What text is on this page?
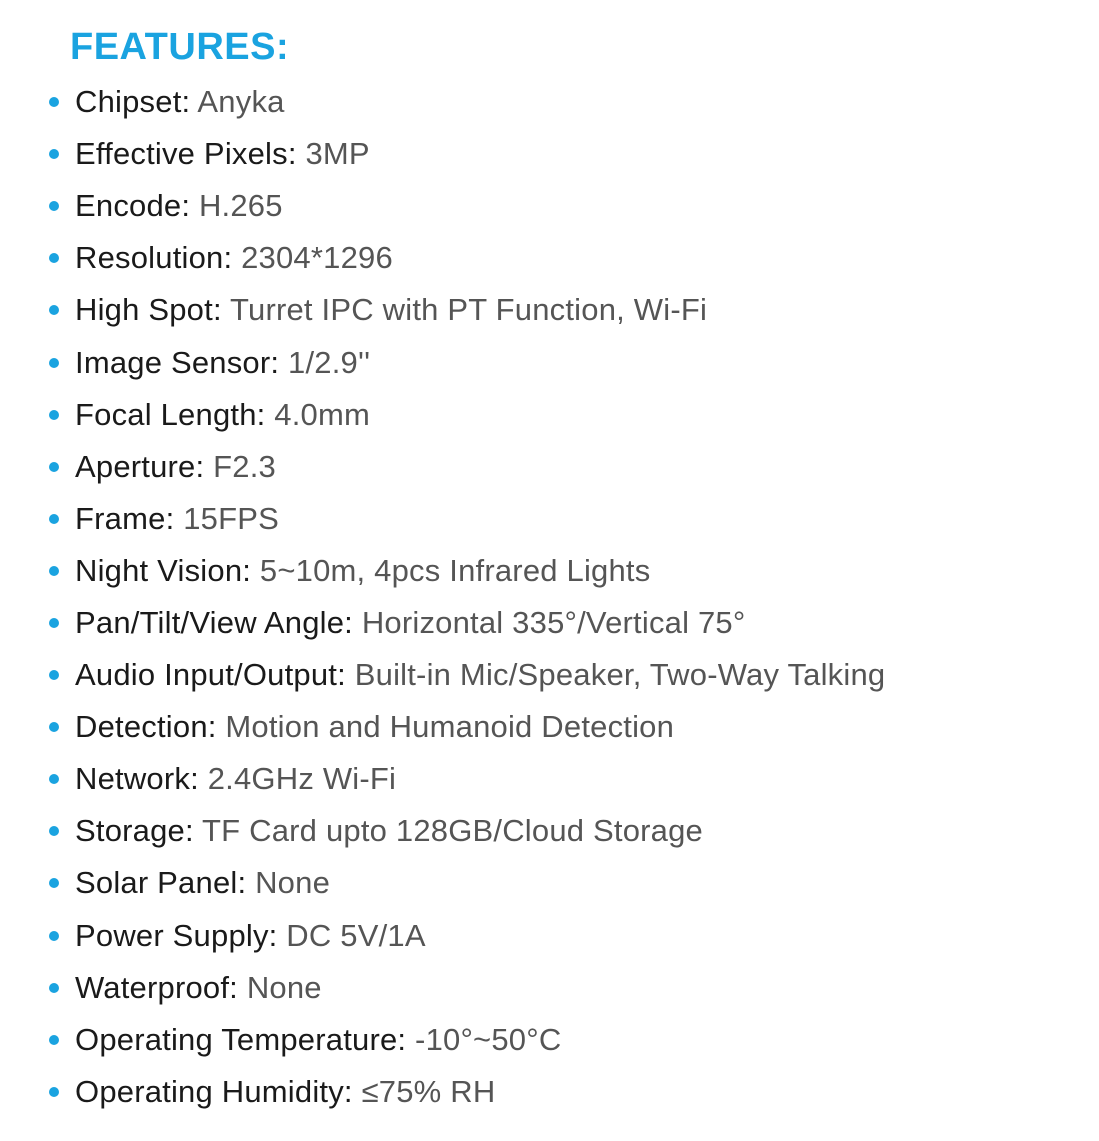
FEATURES:
Chipset: Anyka
Effective Pixels: 3MP
Encode: H.265
Resolution: 2304*1296
High Spot: Turret IPC with PT Function, Wi-Fi
Image Sensor: 1/2.9''
Focal Length: 4.0mm
Aperture: F2.3
Frame: 15FPS
Night Vision: 5~10m, 4pcs Infrared Lights
Pan/Tilt/View Angle: Horizontal 335°/Vertical 75°
Audio Input/Output: Built-in Mic/Speaker, Two-Way Talking
Detection: Motion and Humanoid Detection
Network: 2.4GHz Wi-Fi
Storage: TF Card upto 128GB/Cloud Storage
Solar Panel: None
Power Supply: DC 5V/1A
Waterproof: None
Operating Temperature: -10°~50°C
Operating Humidity: ≤75% RH
